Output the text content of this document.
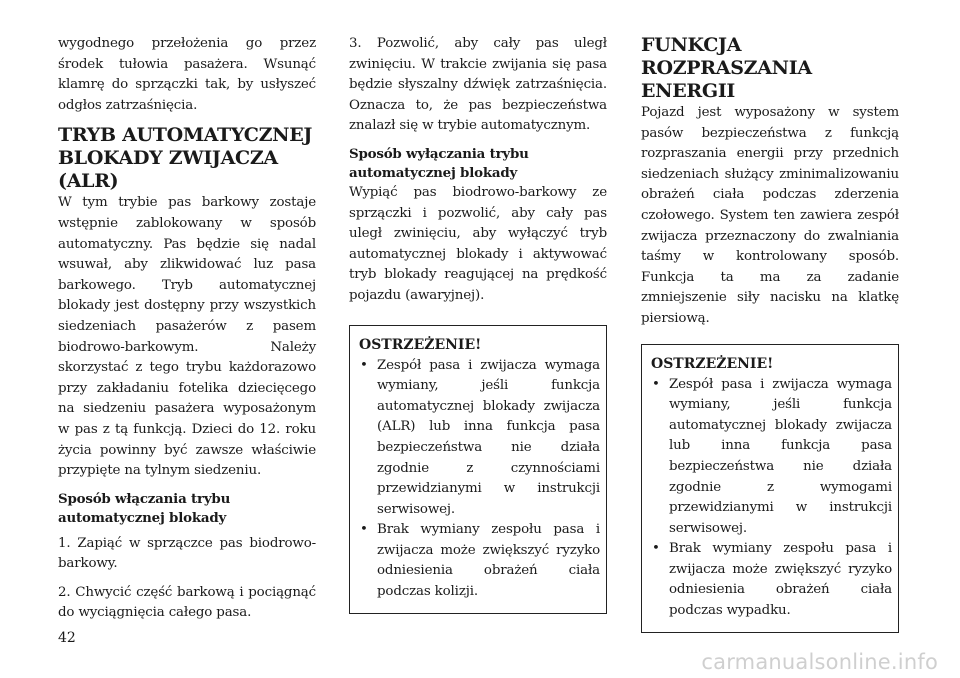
wygodnego przełożenia go przez środek tułowia pasażera. Wsunąć klamrę do sprzączki tak, by usłyszeć odgłos zatrzaśnięcia.

TRYB AUTOMATYCZNEJ BLOKADY ZWIJACZA (ALR)

W tym trybie pas barkowy zostaje wstępnie zablokowany w sposób automatyczny. Pas będzie się nadal wsuwał, aby zlikwidować luz pasa barkowego. Tryb automatycznej blokady jest dostępny przy wszystkich siedzeniach pasażerów z pasem biodrowo-barkowym. Należy skorzystać z tego trybu każdorazowo przy zakładaniu fotelika dziecięcego na siedzeniu pasażera wyposażonym w pas z tą funkcją. Dzieci do 12. roku życia powinny być zawsze właściwie przypięte na tylnym siedzeniu.

Sposób włączania trybu automatycznej blokady

1. Zapiąć w sprzączce pas biodrowo-barkowy.

2. Chwycić część barkową i pociągnąć do wyciągnięcia całego pasa.

3. Pozwolić, aby cały pas uległ zwinięciu. W trakcie zwijania się pasa będzie słyszalny dźwięk zatrzaśnięcia. Oznacza to, że pas bezpieczeństwa znalazł się w trybie automatycznym.

Sposób wyłączania trybu automatycznej blokady

Wypiąć pas biodrowo-barkowy ze sprzączki i pozwolić, aby cały pas uległ zwinięciu, aby wyłączyć tryb automatycznej blokady i aktywować tryb blokady reagującej na prędkość pojazdu (awaryjnej).

OSTRZEŻENIE!
• Zespół pasa i zwijacza wymaga wymiany, jeśli funkcja automatycznej blokady zwijacza (ALR) lub inna funkcja pasa bezpieczeństwa nie działa zgodnie z czynnościami przewidzianymi w instrukcji serwisowej.
• Brak wymiany zespołu pasa i zwijacza może zwiększyć ryzyko odniesienia obrażeń ciała podczas kolizji.
FUNKCJA ROZPRASZANIA ENERGII

Pojazd jest wyposażony w system pasów bezpieczeństwa z funkcją rozpraszania energii przy przednich siedzeniach służący zminimalizowaniu obrażeń ciała podczas zderzenia czołowego. System ten zawiera zespół zwijacza przeznaczony do zwalniania taśmy w kontrolowany sposób. Funkcja ta ma za zadanie zmniejszenie siły nacisku na klatkę piersiową.

OSTRZEŻENIE!
• Zespół pasa i zwijacza wymaga wymiany, jeśli funkcja automatycznej blokady zwijacza lub inna funkcja pasa bezpieczeństwa nie działa zgodnie z wymogami przewidzianymi w instrukcji serwisowej.
• Brak wymiany zespołu pasa i zwijacza może zwiększyć ryzyko odniesienia obrażeń ciała podczas wypadku.
42
carmanualsonline.info
